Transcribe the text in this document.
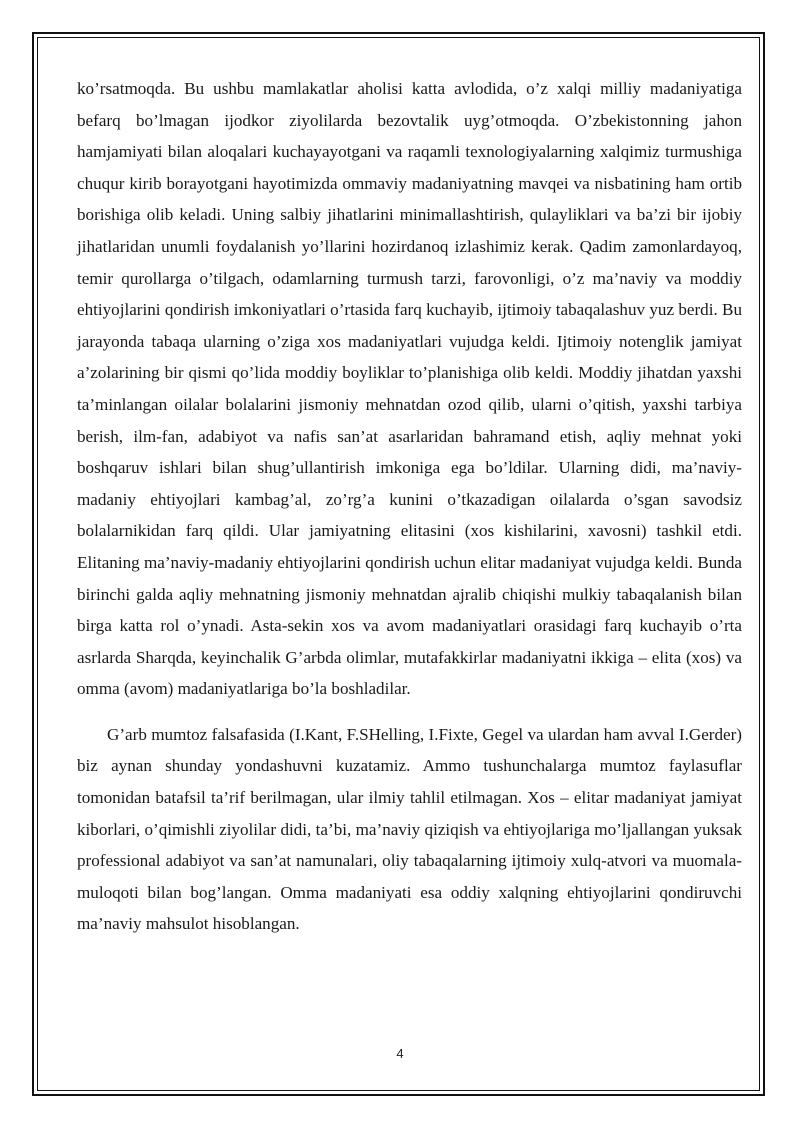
ko’rsatmoqda. Bu ushbu mamlakatlar aholisi katta avlodida, o’z xalqi milliy madaniyatiga befarq bo’lmagan ijodkor ziyolilarda bezovtalik uyg’otmoqda. O’zbekistonning jahon hamjamiyati bilan aloqalari kuchayayotgani va raqamli texnologiyalarning xalqimiz turmushiga chuqur kirib borayotgani hayotimizda ommaviy madaniyatning mavqei va nisbatining ham ortib borishiga olib keladi. Uning salbiy jihatlarini minimallashtirish, qulayliklari va ba’zi bir ijobiy jihatlaridan unumli foydalanish yo’llarini hozirdanoq izlashimiz kerak. Qadim zamonlardayoq, temir qurollarga o’tilgach, odamlarning turmush tarzi, farovonligi, o’z ma’naviy va moddiy ehtiyojlarini qondirish imkoniyatlari o’rtasida farq kuchayib, ijtimoiy tabaqalashuv yuz berdi. Bu jarayonda tabaqa ularning o’ziga xos madaniyatlari vujudga keldi. Ijtimoiy notenglik jamiyat a’zolarining bir qismi qo’lida moddiy boyliklar to’planishiga olib keldi. Moddiy jihatdan yaxshi ta’minlangan oilalar bolalarini jismoniy mehnatdan ozod qilib, ularni o’qitish, yaxshi tarbiya berish, ilm-fan, adabiyot va nafis san’at asarlaridan bahramand etish, aqliy mehnat yoki boshqaruv ishlari bilan shug’ullantirish imkoniga ega bo’ldilar. Ularning didi, ma’naviy-madaniy ehtiyojlari kambag’al, zo’rg’a kunini o’tkazadigan oilalarda o’sgan savodsiz bolalarnikidan farq qildi. Ular jamiyatning elitasini (xos kishilarini, xavosni) tashkil etdi. Elitaning ma’naviy-madaniy ehtiyojlarini qondirish uchun elitar madaniyat vujudga keldi. Bunda birinchi galda aqliy mehnatning jismoniy mehnatdan ajralib chiqishi mulkiy tabaqalanish bilan birga katta rol o’ynadi. Asta-sekin xos va avom madaniyatlari orasidagi farq kuchayib o’rta asrlarda Sharqda, keyinchalik G’arbda olimlar, mutafakkirlar madaniyatni ikkiga – elita (xos) va omma (avom) madaniyatlariga bo’la boshladilar.

G’arb mumtoz falsafasida (I.Kant, F.SHelling, I.Fixte, Gegel va ulardan ham avval I.Gerder) biz aynan shunday yondashuvni kuzatamiz. Ammo tushunchalarga mumtoz faylasuflar tomonidan batafsil ta’rif berilmagan, ular ilmiy tahlil etilmagan. Xos – elitar madaniyat jamiyat kiborlari, o’qimishli ziyolilar didi, ta’bi, ma’naviy qiziqish va ehtiyojlariga mo’ljallangan yuksak professional adabiyot va san’at namunalari, oliy tabaqalarning ijtimoiy xulq-atvori va muomala-muloqoti bilan bog’langan. Omma madaniyati esa oddiy xalqning ehtiyojlarini qondiruvchi ma’naviy mahsulot hisoblangan.

4
